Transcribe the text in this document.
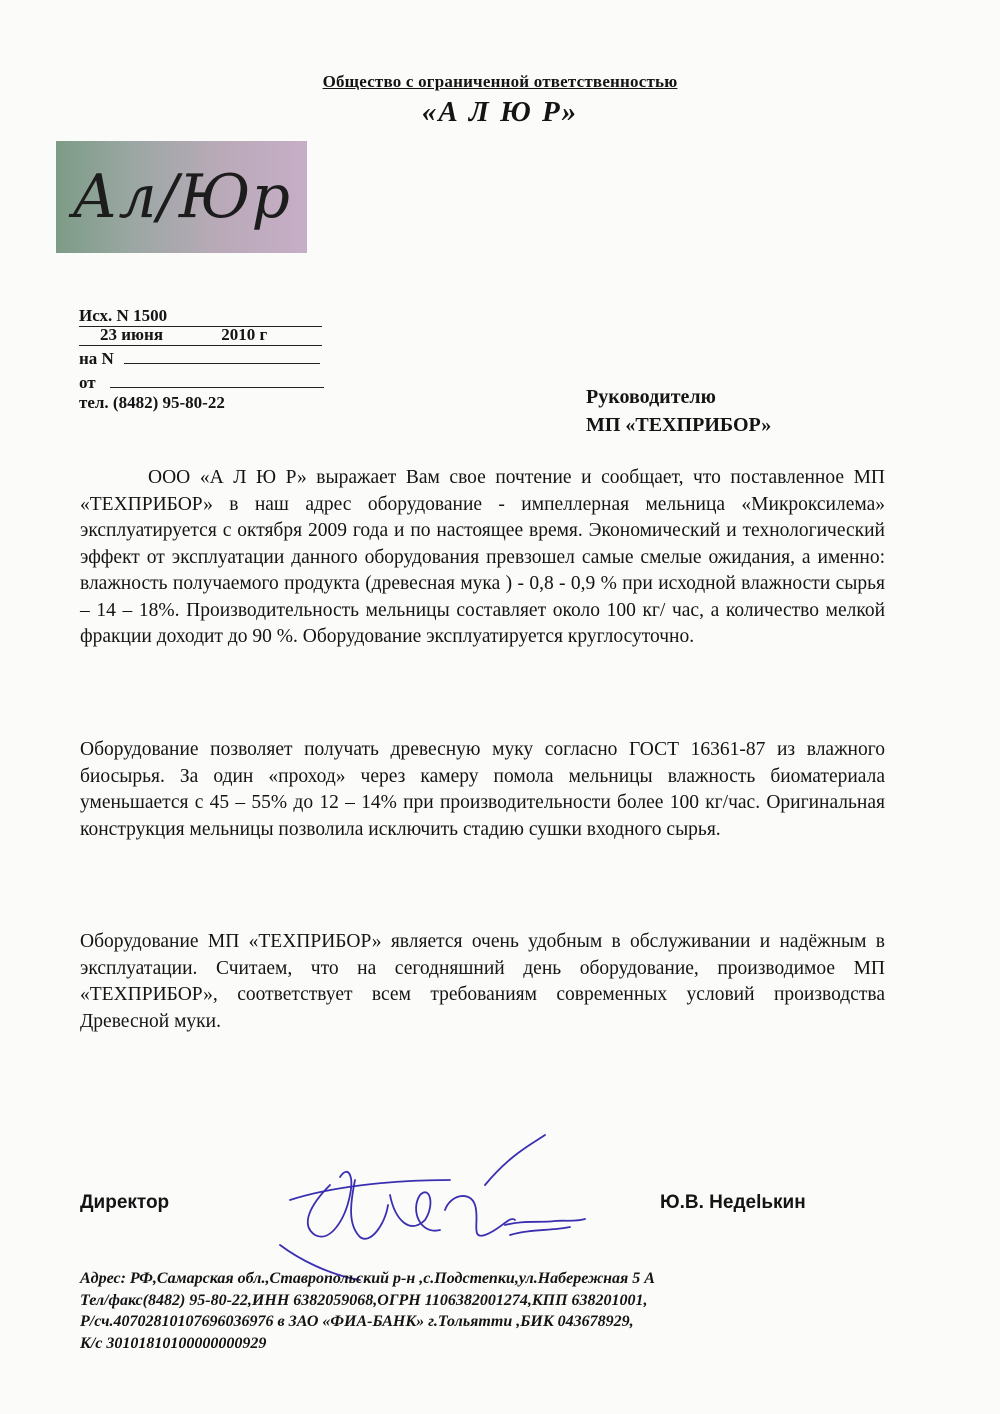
Общество с ограниченной ответственностью
«А Л Ю Р»
Ал/Юр
Исх. N 1500
23 июня	2010 г
на N
от
тел. (8482) 95-80-22	Руководителю
МП «ТЕХПРИБОР»
ООО «А Л Ю Р» выражает Вам свое почтение и сообщает, что поставленное МП «ТЕХПРИБОР» в наш адрес оборудование - импеллерная мельница «Микроксилема» эксплуатируется с октября 2009 года и по настоящее время. Экономический и технологический эффект от эксплуатации данного оборудования превзошел самые смелые ожидания, а именно: влажность получаемого продукта (древесная мука ) - 0,8 - 0,9 % при исходной влажности сырья – 14 – 18%. Производительность мельницы составляет около 100 кг/ час, а количество мелкой фракции доходит до 90 %. Оборудование эксплуатируется круглосуточно.
Оборудование позволяет получать древесную муку согласно ГОСТ 16361-87 из влажного биосырья. За один «проход» через камеру помола мельницы влажность биоматериала уменьшается с 45 – 55% до 12 – 14% при производительности более 100 кг/час. Оригинальная конструкция мельницы позволила исключить стадию сушки входного сырья.
Оборудование МП «ТЕХПРИБОР» является очень удобным в обслуживании и надёжным в эксплуатации. Считаем, что на сегодняшний день оборудование, производимое МП «ТЕХПРИБОР», соответствует всем требованиям современных условий производства Древесной муки.
Директор	Ю.В. Недelькин
Адрес: РФ,Самарская обл.,Ставропольский р-н ,с.Подстепки,ул.Набережная 5 А
Тел/факс(8482) 95-80-22,ИНН 6382059068,ОГРН 1106382001274,КПП 638201001,
Р/сч.40702810107696036976 в ЗАО «ФИА-БАНК» г.Тольятти ,БИК 043678929,
К/с 30101810100000000929
